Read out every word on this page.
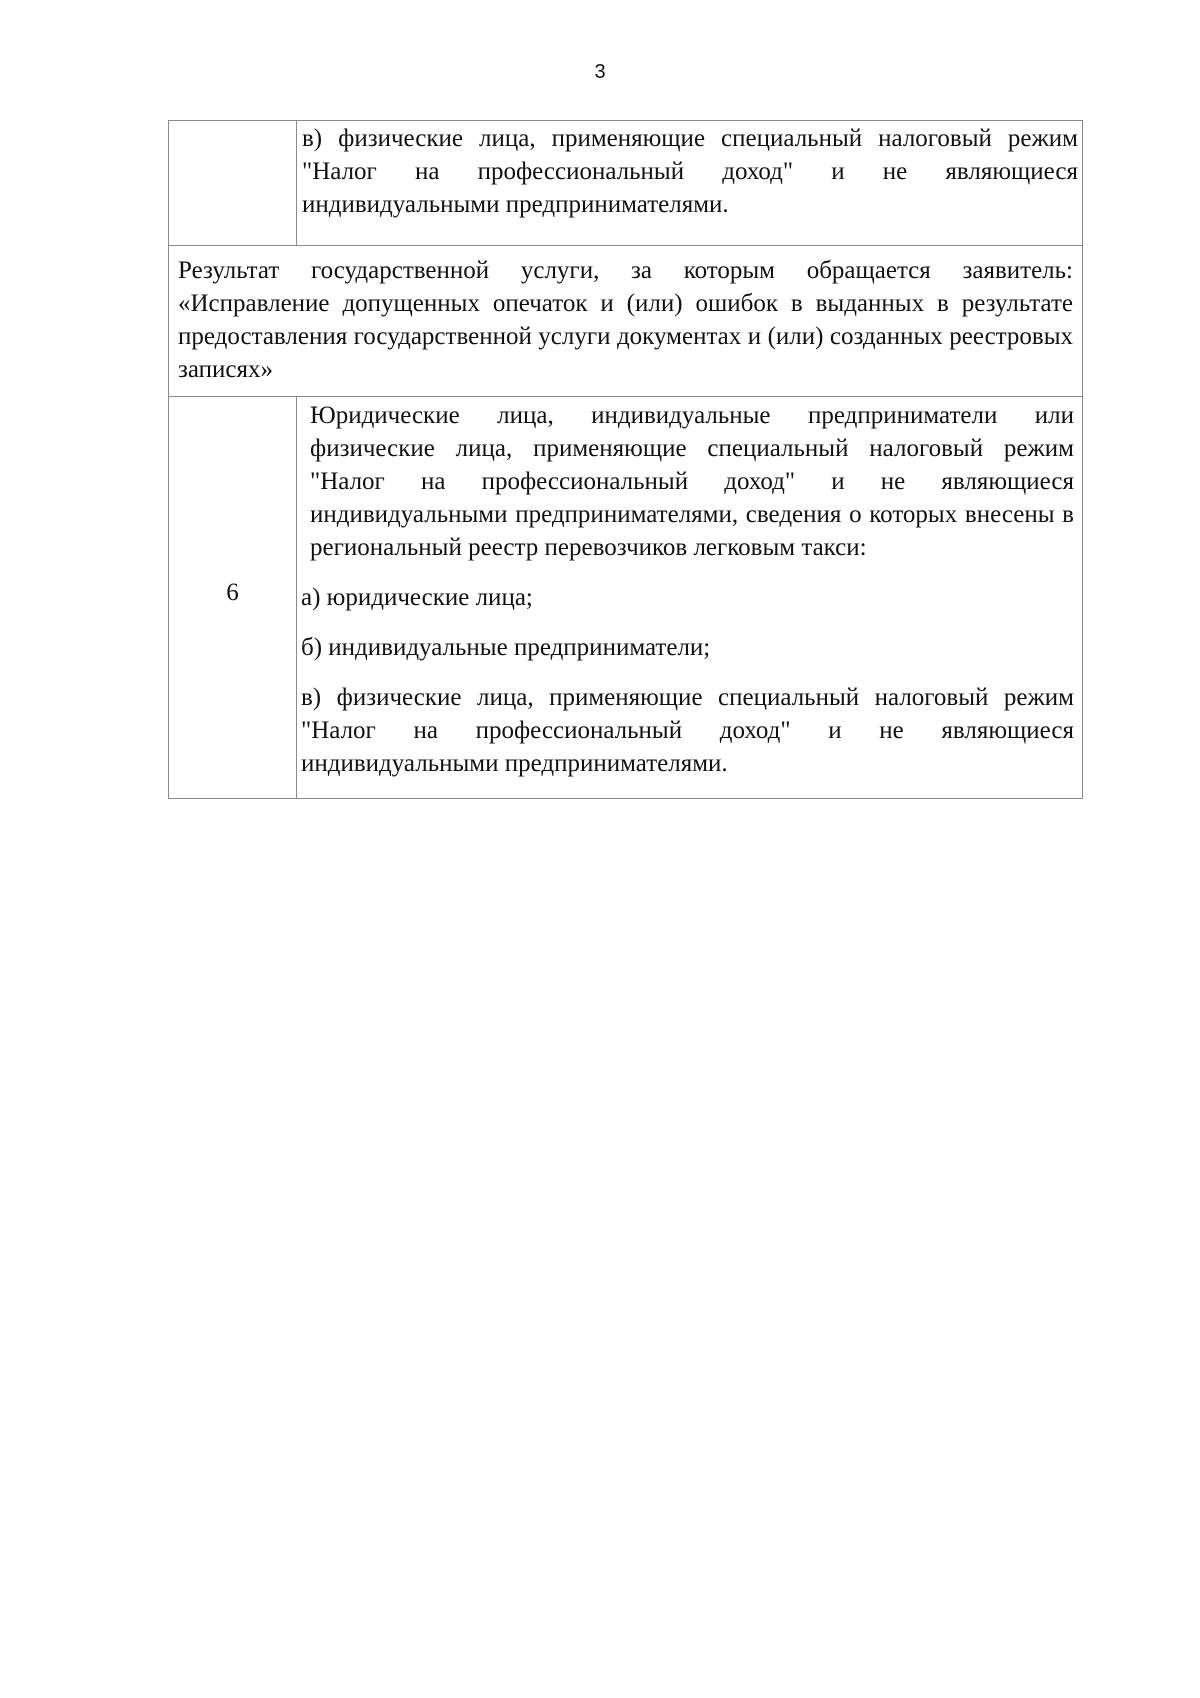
3

	в) физические лица, применяющие специальный налоговый режим "Налог на профессиональный доход" и не являющиеся индивидуальными предпринимателями.

Результат государственной услуги, за которым обращается заявитель: «Исправление допущенных опечаток и (или) ошибок в выданных в результате предоставления государственной услуги документах и (или) созданных реестровых записях»	

6	Юридические лица, индивидуальные предприниматели или физические лица, применяющие специальный налоговый режим "Налог на профессиональный доход" и не являющиеся индивидуальными предпринимателями, сведения о которых внесены в региональный реестр перевозчиков легковым такси:

а) юридические лица;

б) индивидуальные предприниматели;

в) физические лица, применяющие специальный налоговый режим "Налог на профессиональный доход" и не являющиеся индивидуальными предпринимателями.
